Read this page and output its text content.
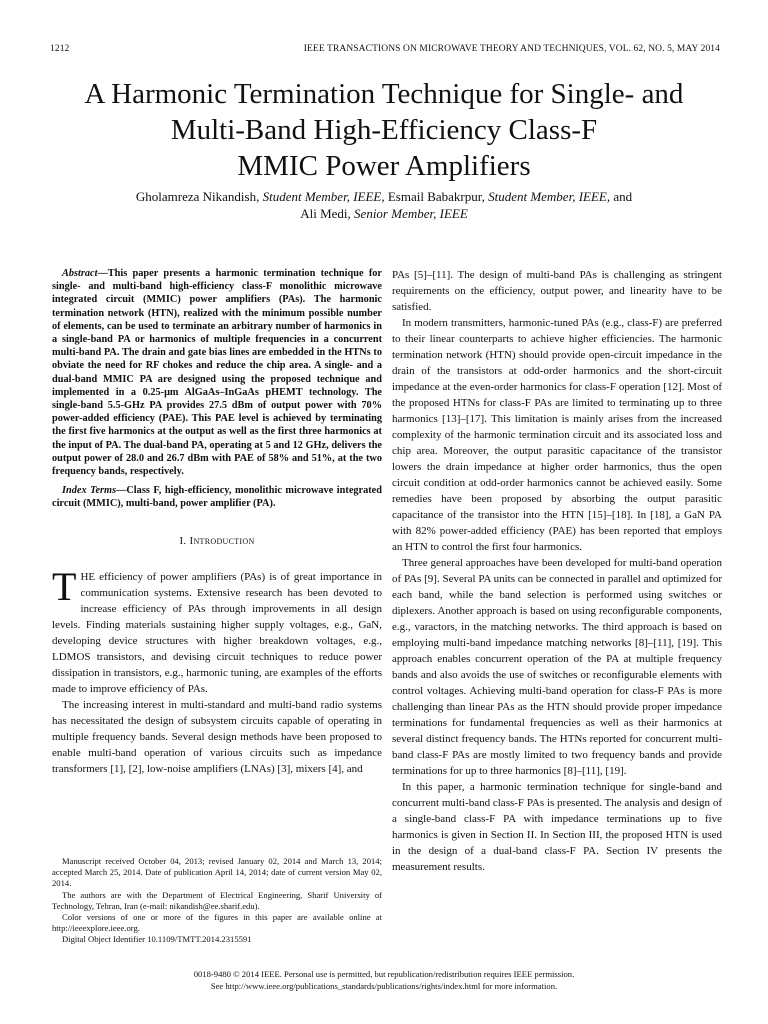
1212	IEEE TRANSACTIONS ON MICROWAVE THEORY AND TECHNIQUES, VOL. 62, NO. 5, MAY 2014
A Harmonic Termination Technique for Single- and
Multi-Band High-Efficiency Class-F
MMIC Power Amplifiers
Gholamreza Nikandish, Student Member, IEEE, Esmail Babakrpur, Student Member, IEEE, and
Ali Medi, Senior Member, IEEE

Abstract—This paper presents a harmonic termination technique for single- and multi-band high-efficiency class-F monolithic microwave integrated circuit (MMIC) power amplifiers (PAs). The harmonic termination network (HTN), realized with the minimum possible number of elements, can be used to terminate an arbitrary number of harmonics in a single-band PA or harmonics of multiple frequencies in a concurrent multi-band PA. The drain and gate bias lines are embedded in the HTNs to obviate the need for RF chokes and reduce the chip area. A single- and a dual-band MMIC PA are designed using the proposed technique and implemented in a 0.25-μm AlGaAs–InGaAs pHEMT technology. The single-band 5.5-GHz PA provides 27.5 dBm of output power with 70% power-added efficiency (PAE). This PAE level is achieved by terminating the first five harmonics at the output as well as the first three harmonics at the input of PA. The dual-band PA, operating at 5 and 12 GHz, delivers the output power of 28.0 and 26.7 dBm with PAE of 58% and 51%, at the two frequency bands, respectively.

Index Terms—Class F, high-efficiency, monolithic microwave integrated circuit (MMIC), multi-band, power amplifier (PA).

I. Introduction

THE efficiency of power amplifiers (PAs) is of great importance in communication systems. Extensive research has been devoted to increase efficiency of PAs through improvements in all design levels. Finding materials sustaining higher supply voltages, e.g., GaN, developing device structures with higher breakdown voltages, e.g., LDMOS transistors, and devising circuit techniques to reduce power dissipation in transistors, e.g., harmonic tuning, are examples of the efforts made to improve efficiency of PAs.

The increasing interest in multi-standard and multi-band radio systems has necessitated the design of subsystem circuits capable of operating in multiple frequency bands. Several design methods have been proposed to enable multi-band operation of various circuits such as impedance transformers [1], [2], low-noise amplifiers (LNAs) [3], mixers [4], and

Manuscript received October 04, 2013; revised January 02, 2014 and March 13, 2014; accepted March 25, 2014. Date of publication April 14, 2014; date of current version May 02, 2014.

The authors are with the Department of Electrical Engineering, Sharif University of Technology, Tehran, Iran (e-mail: nikandish@ee.sharif.edu).

Color versions of one or more of the figures in this paper are available online at http://ieeexplore.ieee.org.

Digital Object Identifier 10.1109/TMTT.2014.2315591

PAs [5]–[11]. The design of multi-band PAs is challenging as stringent requirements on the efficiency, output power, and linearity have to be satisfied.

In modern transmitters, harmonic-tuned PAs (e.g., class-F) are preferred to their linear counterparts to achieve higher efficiencies. The harmonic termination network (HTN) should provide open-circuit impedance in the drain of the transistors at odd-order harmonics and the short-circuit impedance at the even-order harmonics for class-F operation [12]. Most of the proposed HTNs for class-F PAs are limited to terminating up to three harmonics [13]–[17]. This limitation is mainly arises from the increased complexity of the harmonic termination circuit and its associated loss and chip area. Moreover, the output parasitic capacitance of the transistor lowers the drain impedance at higher order harmonics, thus the open circuit condition at odd-order harmonics cannot be achieved easily. Some remedies have been proposed by absorbing the output parasitic capacitance of the transistor into the HTN [15]–[18]. In [18], a GaN PA with 82% power-added efficiency (PAE) has been reported that employs an HTN to control the first four harmonics.

Three general approaches have been developed for multi-band operation of PAs [9]. Several PA units can be connected in parallel and optimized for each band, while the band selection is performed using switches or diplexers. Another approach is based on using reconfigurable components, e.g., varactors, in the matching networks. The third approach is based on employing multi-band impedance matching networks [8]–[11], [19]. This approach enables concurrent operation of the PA at multiple frequency bands and also avoids the use of switches or reconfigurable elements with control voltages. Achieving multi-band operation for class-F PAs is more challenging than linear PAs as the HTN should provide proper impedance terminations for fundamental frequencies as well as their harmonics at several distinct frequency bands. The HTNs reported for concurrent multi-band class-F PAs are mostly limited to two frequency bands and provide terminations for up to three harmonics [8]–[11], [19].

In this paper, a harmonic termination technique for single-band and concurrent multi-band class-F PAs is presented. The analysis and design of a single-band class-F PA with impedance terminations up to five harmonics is given in Section II. In Section III, the proposed HTN is used in the design of a dual-band class-F PA. Section IV presents the measurement results.

0018-9480 © 2014 IEEE. Personal use is permitted, but republication/redistribution requires IEEE permission.
See http://www.ieee.org/publications_standards/publications/rights/index.html for more information.
